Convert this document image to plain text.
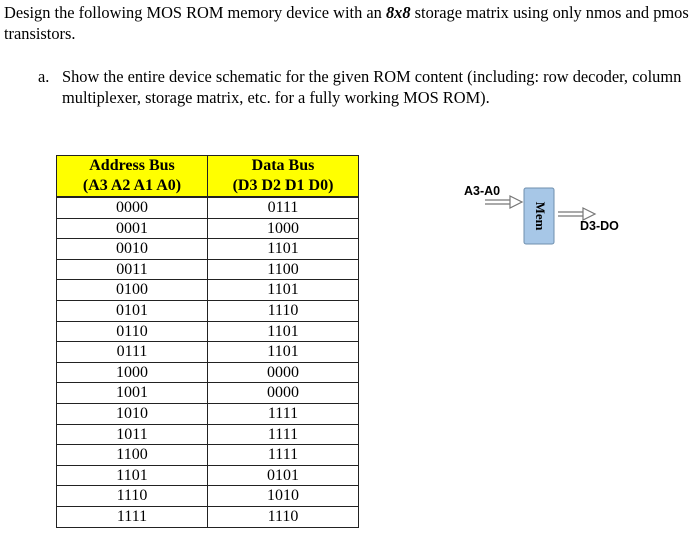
Design the following MOS ROM memory device with an 8x8 storage matrix using only nmos and pmos transistors.

a. Show the entire device schematic for the given ROM content (including: row decoder, column multiplexer, storage matrix, etc. for a fully working MOS ROM).
Address Bus	Data Bus
(A3 A2 A1 A0)	(D3 D2 D1 D0)
0000	0111
0001	1000
0010	1101
0011	1100
0100	1101
0101	1110
0110	1101
0111	1101
1000	0000
1001	0000
1010	1111
1011	1111
1100	1111
1101	0101
1110	1010
1111	1110
A3-A0
D3-DO
Mem
